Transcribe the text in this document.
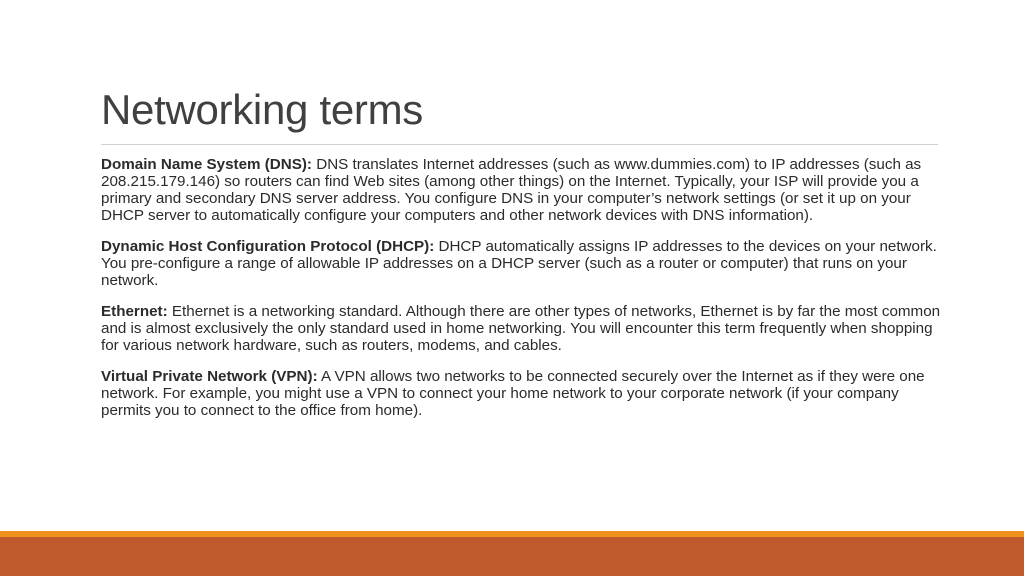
Networking terms

Domain Name System (DNS): DNS translates Internet addresses (such as www.dummies.com) to IP addresses (such as 208.215.179.146) so routers can find Web sites (among other things) on the Internet. Typically, your ISP will provide you a primary and secondary DNS server address. You configure DNS in your computer’s network settings (or set it up on your DHCP server to automatically configure your computers and other network devices with DNS information).

Dynamic Host Configuration Protocol (DHCP): DHCP automatically assigns IP addresses to the devices on your network. You pre-configure a range of allowable IP addresses on a DHCP server (such as a router or computer) that runs on your network.

Ethernet: Ethernet is a networking standard. Although there are other types of networks, Ethernet is by far the most common and is almost exclusively the only standard used in home networking. You will encounter this term frequently when shopping for various network hardware, such as routers, modems, and cables.

Virtual Private Network (VPN): A VPN allows two networks to be connected securely over the Internet as if they were one network. For example, you might use a VPN to connect your home network to your corporate network (if your company permits you to connect to the office from home).
